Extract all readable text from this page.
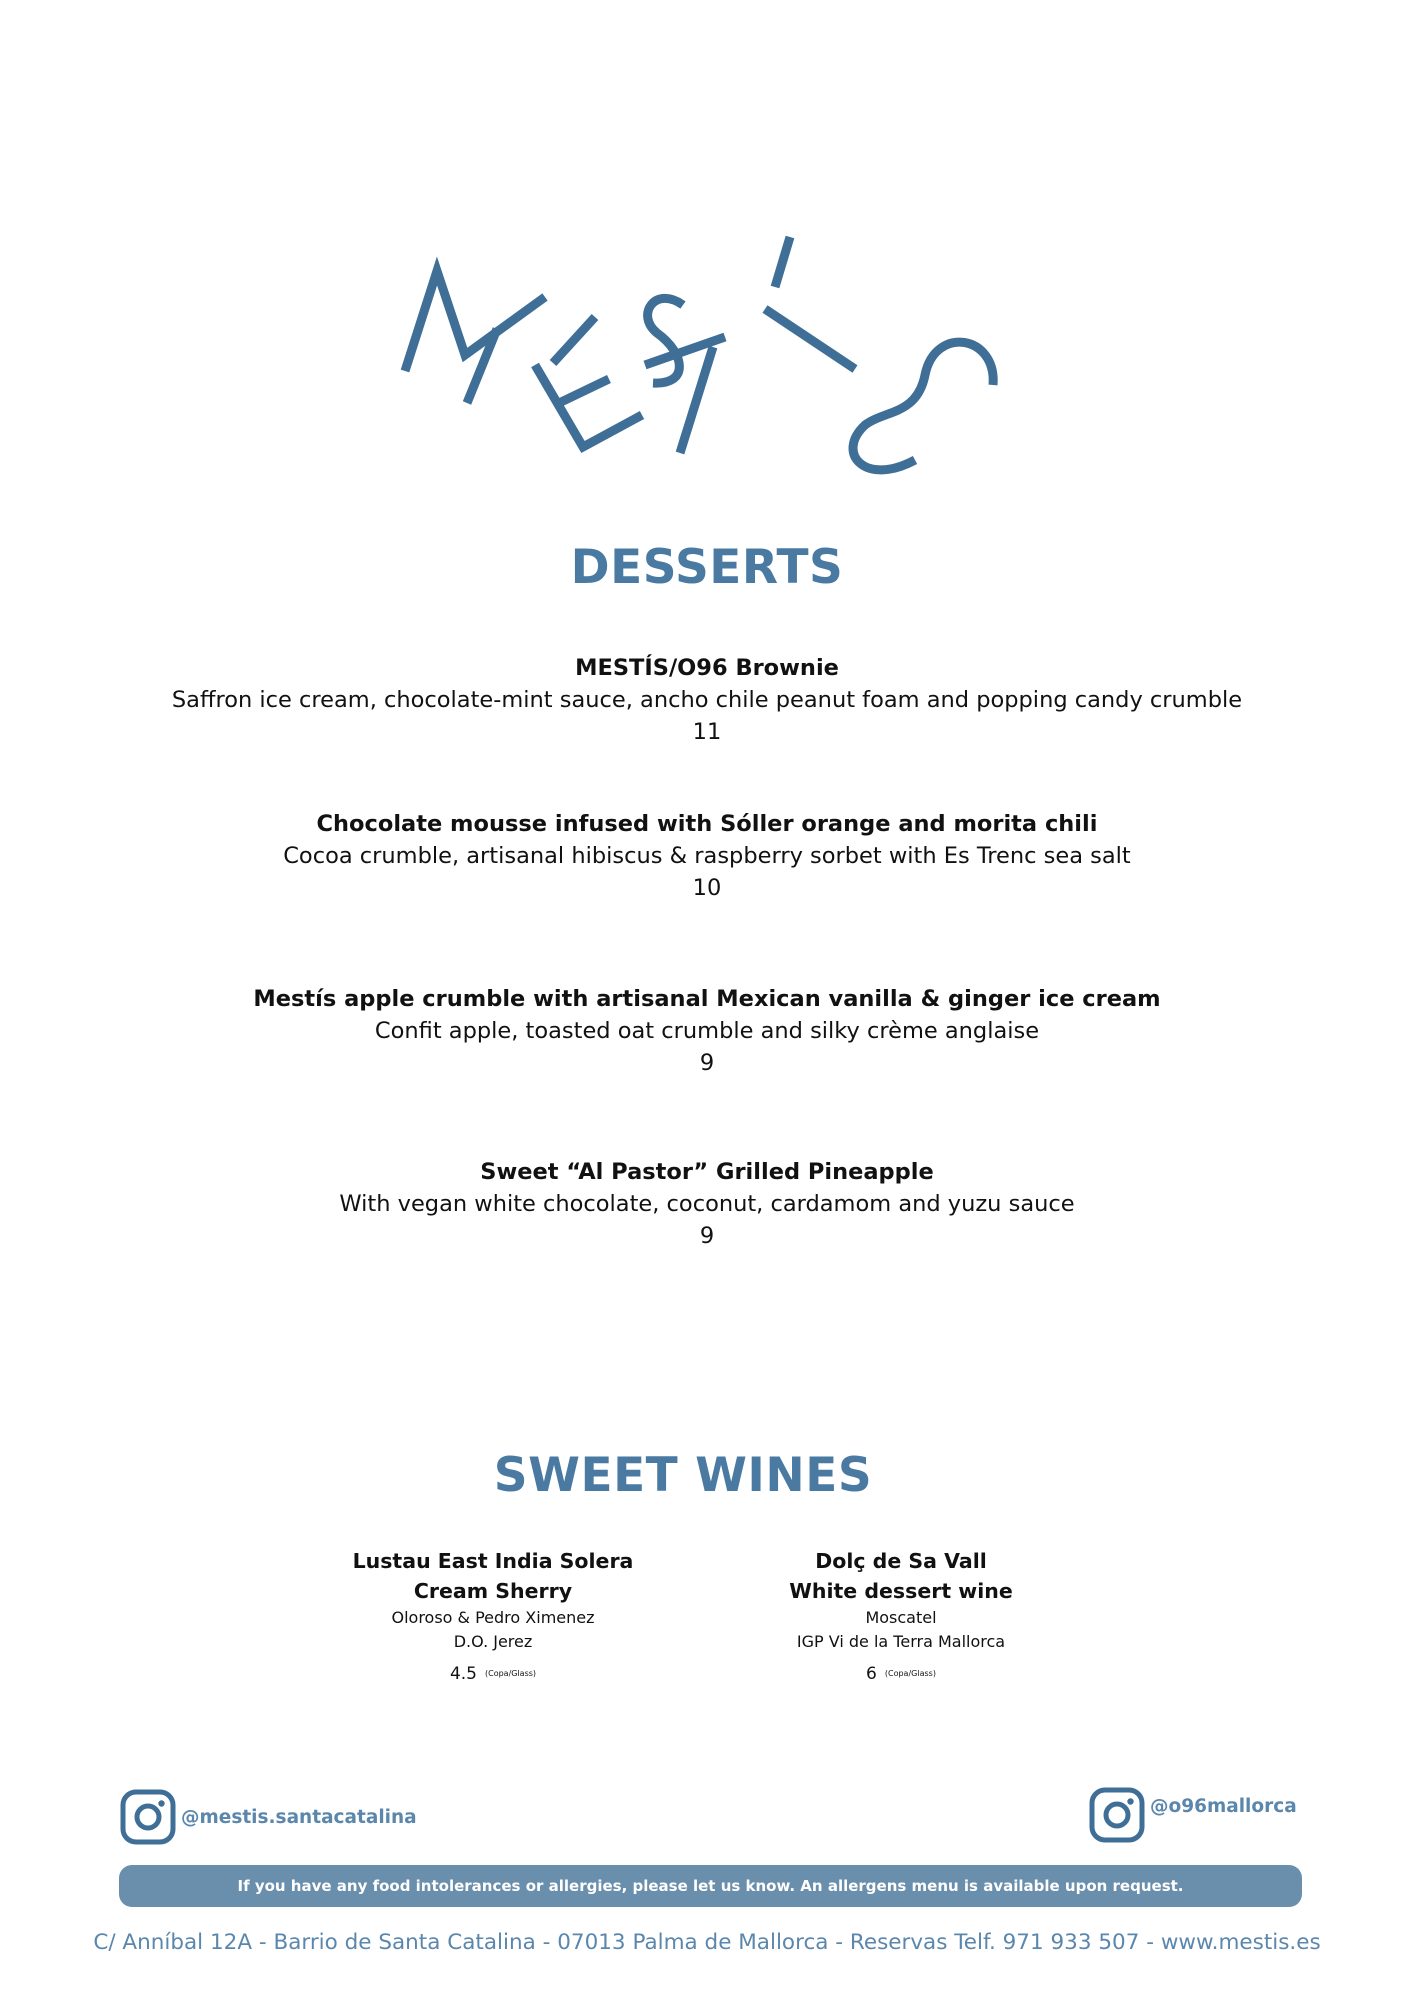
DESSERTS
MESTÍS/O96 Brownie
Saffron ice cream, chocolate-mint sauce, ancho chile peanut foam and popping candy crumble
11
Chocolate mousse infused with Sóller orange and morita chili
Cocoa crumble, artisanal hibiscus & raspberry sorbet with Es Trenc sea salt
10
Mestís apple crumble with artisanal Mexican vanilla & ginger ice cream
Confit apple, toasted oat crumble and silky crème anglaise
9
Sweet “Al Pastor” Grilled Pineapple
With vegan white chocolate, coconut, cardamom and yuzu sauce
9
SWEET WINES
Lustau East India Solera
Cream Sherry
Oloroso & Pedro Ximenez
D.O. Jerez
4.5 (Copa/Glass)
Dolç de Sa Vall
White dessert wine
Moscatel
IGP Vi de la Terra Mallorca
6 (Copa/Glass)
@mestis.santacatalina	@o96mallorca
If you have any food intolerances or allergies, please let us know. An allergens menu is available upon request.
C/ Anníbal 12A - Barrio de Santa Catalina - 07013 Palma de Mallorca - Reservas Telf. 971 933 507 - www.mestis.es
